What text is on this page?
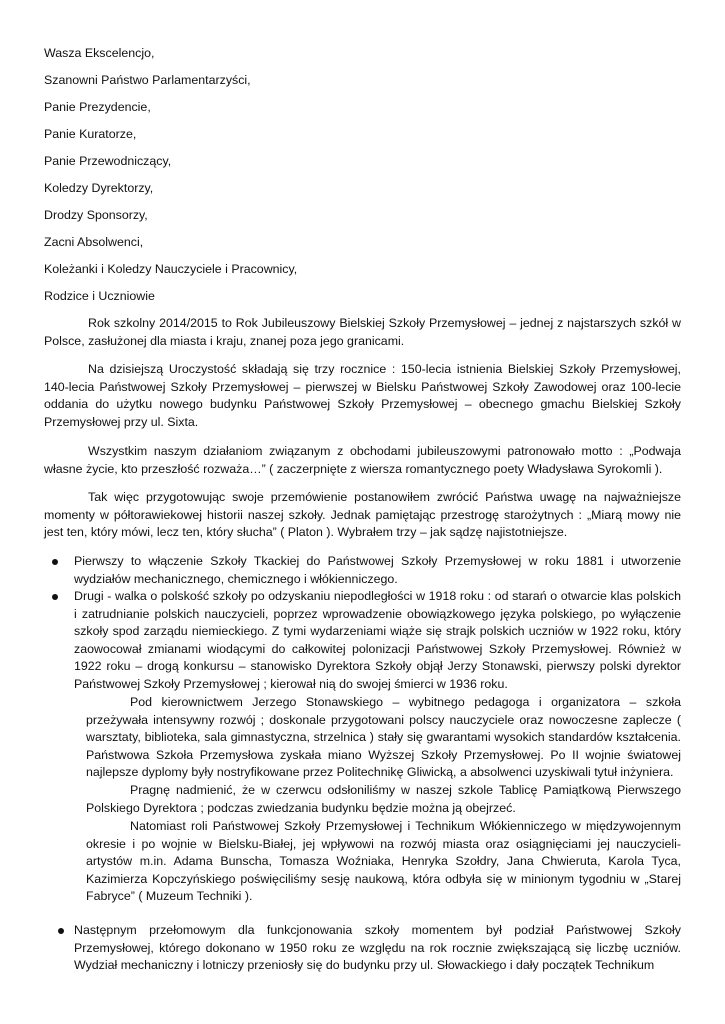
Wasza Ekscelencjo,

Szanowni Państwo Parlamentarzyści,

Panie Prezydencie,

Panie Kuratorze,

Panie Przewodniczący,

Koledzy Dyrektorzy,

Drodzy Sponsorzy,

Zacni Absolwenci,

Koleżanki i Koledzy Nauczyciele i Pracownicy,

Rodzice i Uczniowie

Rok szkolny 2014/2015 to Rok Jubileuszowy Bielskiej Szkoły Przemysłowej – jednej z najstarszych szkół w Polsce, zasłużonej dla miasta i kraju, znanej poza jego granicami.

Na dzisiejszą Uroczystość składają się trzy rocznice : 150-lecia istnienia Bielskiej Szkoły Przemysłowej, 140-lecia Państwowej Szkoły Przemysłowej – pierwszej w Bielsku Państwowej Szkoły Zawodowej oraz 100-lecie oddania do użytku nowego budynku Państwowej Szkoły Przemysłowej – obecnego gmachu Bielskiej Szkoły Przemysłowej przy ul. Sixta.

Wszystkim naszym działaniom związanym z obchodami jubileuszowymi patronowało motto : „Podwaja własne życie, kto przeszłość rozważa…” ( zaczerpnięte z wiersza romantycznego poety Władysława Syrokomli ).

Tak więc przygotowując swoje przemówienie postanowiłem zwrócić Państwa uwagę na najważniejsze momenty w półtorawiekowej historii naszej szkoły. Jednak pamiętając przestrogę starożytnych : „Miarą mowy nie jest ten, który mówi, lecz ten, który słucha” ( Platon ). Wybrałem trzy – jak sądzę najistotniejsze.

Pierwszy to włączenie Szkoły Tkackiej do Państwowej Szkoły Przemysłowej w roku 1881 i utworzenie wydziałów mechanicznego, chemicznego i włókienniczego.

Drugi - walka o polskość szkoły po odzyskaniu niepodległości w 1918 roku : od starań o otwarcie klas polskich i zatrudnianie polskich nauczycieli, poprzez wprowadzenie obowiązkowego języka polskiego, po wyłączenie szkoły spod zarządu niemieckiego. Z tymi wydarzeniami wiąże się strajk polskich uczniów w 1922 roku, który zaowocował zmianami wiodącymi do całkowitej polonizacji Państwowej Szkoły Przemysłowej. Również w 1922 roku – drogą konkursu – stanowisko Dyrektora Szkoły objął Jerzy Stonawski, pierwszy polski dyrektor Państwowej Szkoły Przemysłowej ; kierował nią do swojej śmierci w 1936 roku.

Pod kierownictwem Jerzego Stonawskiego – wybitnego pedagoga i organizatora – szkoła przeżywała intensywny rozwój ; doskonale przygotowani polscy nauczyciele oraz nowoczesne zaplecze ( warsztaty, biblioteka, sala gimnastyczna, strzelnica ) stały się gwarantami wysokich standardów kształcenia. Państwowa Szkoła Przemysłowa zyskała miano Wyższej Szkoły Przemysłowej. Po II wojnie światowej najlepsze dyplomy były nostryfikowane przez Politechnikę Gliwicką, a absolwenci uzyskiwali tytuł inżyniera.

Pragnę nadmienić, że w czerwcu odsłoniliśmy w naszej szkole Tablicę Pamiątkową Pierwszego Polskiego Dyrektora ; podczas zwiedzania budynku będzie można ją obejrzeć.

Natomiast roli Państwowej Szkoły Przemysłowej i Technikum Włókienniczego w międzywojennym okresie i po wojnie w Bielsku-Białej, jej wpływowi na rozwój miasta oraz osiągnięciami jej nauczycieli-artystów m.in. Adama Bunscha, Tomasza Woźniaka, Henryka Szołdry, Jana Chwieruta, Karola Tyca, Kazimierza Kopczyńskiego poświęciliśmy sesję naukową, która odbyła się w minionym tygodniu w „Starej Fabryce” ( Muzeum Techniki ).

Następnym przełomowym dla funkcjonowania szkoły momentem był podział Państwowej Szkoły Przemysłowej, którego dokonano w 1950 roku ze względu na rok rocznie zwiększającą się liczbę uczniów. Wydział mechaniczny i lotniczy przeniosły się do budynku przy ul. Słowackiego i dały początek Technikum
